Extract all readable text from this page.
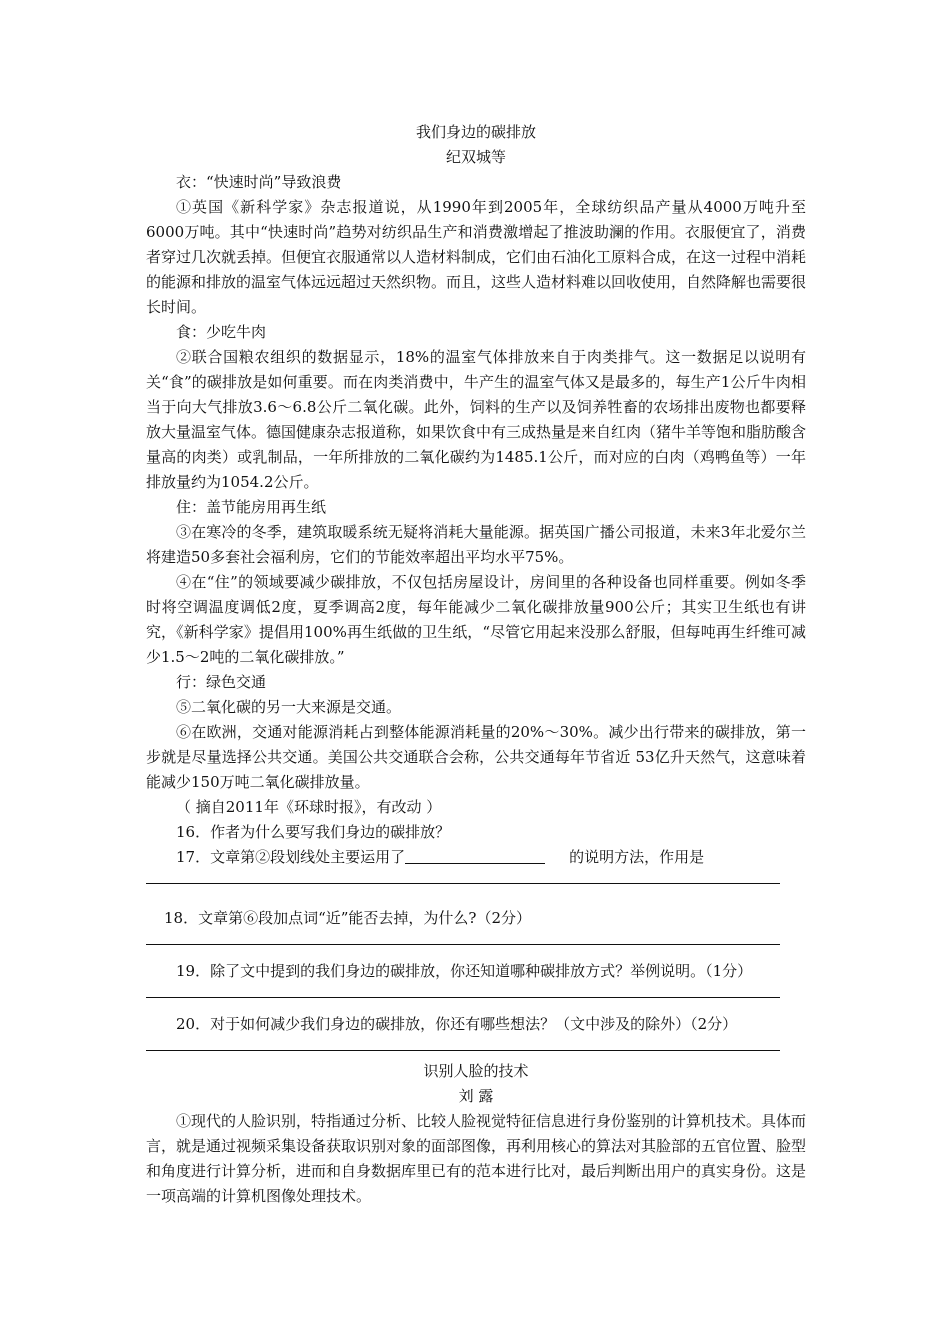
我们身边的碳排放

纪双城等

衣：“快速时尚”导致浪费

①英国《新科学家》杂志报道说，从1990年到2005年，全球纺织品产量从4000万吨升至6000万吨。其中“快速时尚”趋势对纺织品生产和消费激增起了推波助澜的作用。衣服便宜了，消费者穿过几次就丢掉。但便宜衣服通常以人造材料制成，它们由石油化工原料合成，在这一过程中消耗的能源和排放的温室气体远远超过天然织物。而且，这些人造材料难以回收使用，自然降解也需要很长时间。

食：少吃牛肉

②联合国粮农组织的数据显示，18%的温室气体排放来自于肉类排气。这一数据足以说明有关“食”的碳排放是如何重要。而在肉类消费中，牛产生的温室气体又是最多的，每生产1公斤牛肉相当于向大气排放3.6～6.8公斤二氧化碳。此外，饲料的生产以及饲养牲畜的农场排出废物也都要释放大量温室气体。德国健康杂志报道称，如果饮食中有三成热量是来自红肉（猪牛羊等饱和脂肪酸含量高的肉类）或乳制品，一年所排放的二氧化碳约为1485.1公斤，而对应的白肉（鸡鸭鱼等）一年排放量约为1054.2公斤。

住：盖节能房用再生纸

③在寒冷的冬季，建筑取暖系统无疑将消耗大量能源。据英国广播公司报道，未来3年北爱尔兰将建造50多套社会福利房，它们的节能效率超出平均水平75%。

④在“住”的领域要减少碳排放，不仅包括房屋设计，房间里的各种设备也同样重要。例如冬季时将空调温度调低2度，夏季调高2度，每年能减少二氧化碳排放量900公斤；其实卫生纸也有讲究，《新科学家》提倡用100%再生纸做的卫生纸，“尽管它用起来没那么舒服，但每吨再生纤维可减少1.5～2吨的二氧化碳排放。”

行：绿色交通

⑤二氧化碳的另一大来源是交通。

⑥在欧洲，交通对能源消耗占到整体能源消耗量的20%～30%。减少出行带来的碳排放，第一步就是尽量选择公共交通。美国公共交通联合会称，公共交通每年节省近 53亿升天然气，这意味着能减少150万吨二氧化碳排放量。

（ 摘自2011年《环球时报》，有改动 ）

16．作者为什么要写我们身边的碳排放？

17．文章第②段划线处主要运用了	的说明方法，作用是

18．文章第⑥段加点词“近”能否去掉，为什么?（2分）

19．除了文中提到的我们身边的碳排放，你还知道哪种碳排放方式？举例说明。（1分）

20．对于如何减少我们身边的碳排放，你还有哪些想法？（文中涉及的除外）（2分）

识别人脸的技术

刘 露

①现代的人脸识别，特指通过分析、比较人脸视觉特征信息进行身份鉴别的计算机技术。具体而言，就是通过视频采集设备获取识别对象的面部图像，再利用核心的算法对其脸部的五官位置、脸型和角度进行计算分析，进而和自身数据库里已有的范本进行比对，最后判断出用户的真实身份。这是一项高端的计算机图像处理技术。
